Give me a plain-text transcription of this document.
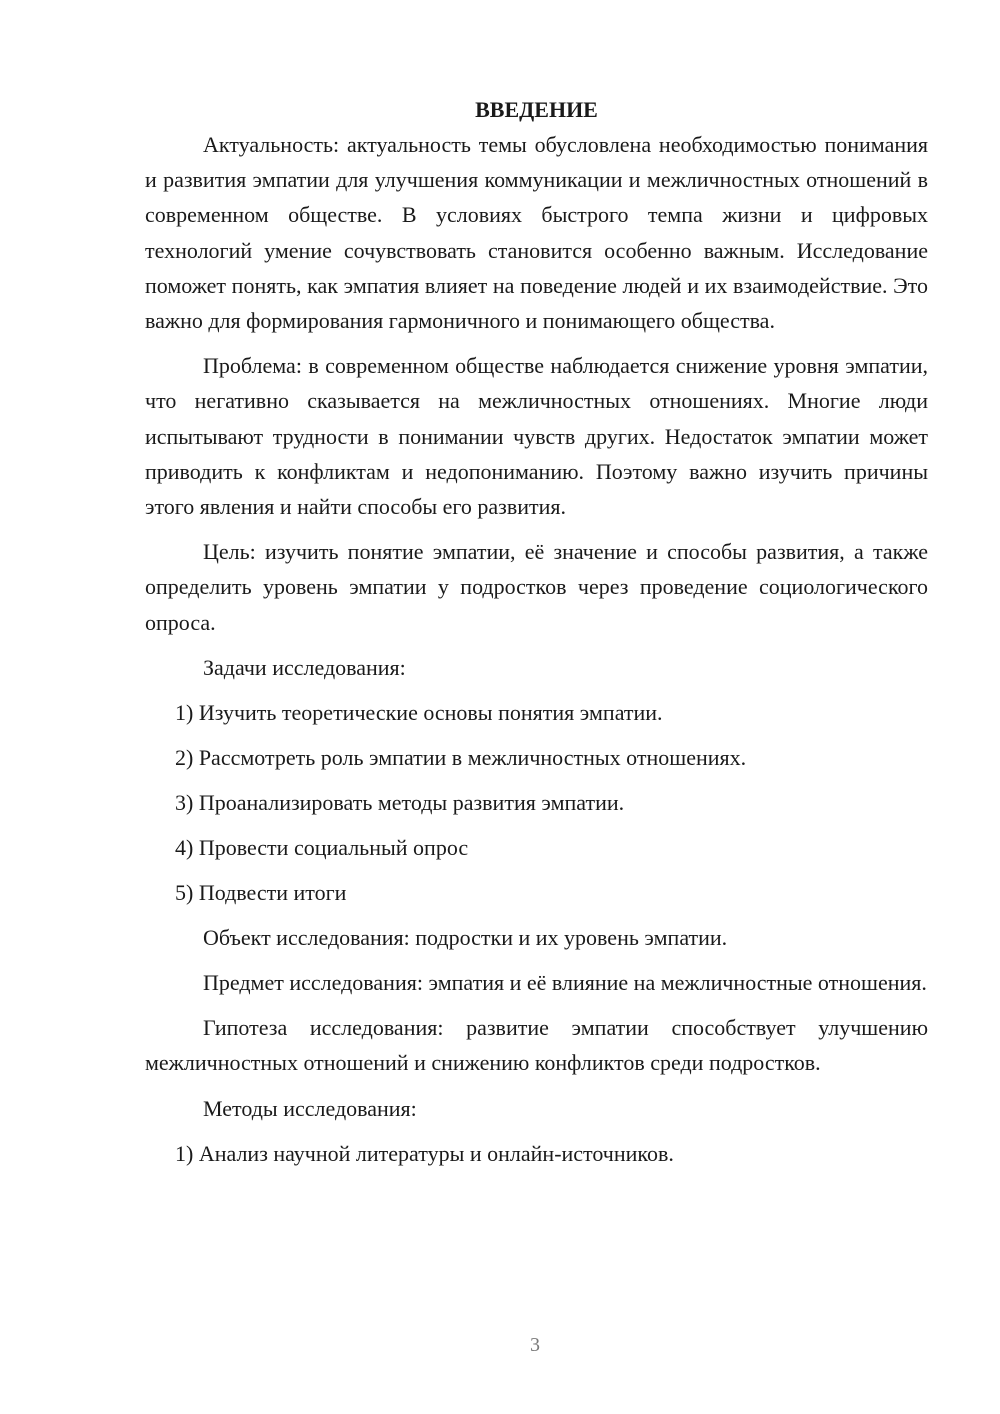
ВВЕДЕНИЕ

Актуальность: актуальность темы обусловлена необходимостью понимания и развития эмпатии для улучшения коммуникации и межличностных отношений в современном обществе. В условиях быстрого темпа жизни и цифровых технологий умение сочувствовать становится особенно важным. Исследование поможет понять, как эмпатия влияет на поведение людей и их взаимодействие. Это важно для формирования гармоничного и понимающего общества.

Проблема: в современном обществе наблюдается снижение уровня эмпатии, что негативно сказывается на межличностных отношениях. Многие люди испытывают трудности в понимании чувств других. Недостаток эмпатии может приводить к конфликтам и недопониманию. Поэтому важно изучить причины этого явления и найти способы его развития.

Цель: изучить понятие эмпатии, её значение и способы развития, а также определить уровень эмпатии у подростков через проведение социологического опроса.

Задачи исследования:
1) Изучить теоретические основы понятия эмпатии.
2) Рассмотреть роль эмпатии в межличностных отношениях.
3) Проанализировать методы развития эмпатии.
4) Провести социальный опрос
5) Подвести итоги

Объект исследования: подростки и их уровень эмпатии.

Предмет исследования: эмпатия и её влияние на межличностные отношения.

Гипотеза исследования: развитие эмпатии способствует улучшению межличностных отношений и снижению конфликтов среди подростков.

Методы исследования:
1) Анализ научной литературы и онлайн-источников.
3
